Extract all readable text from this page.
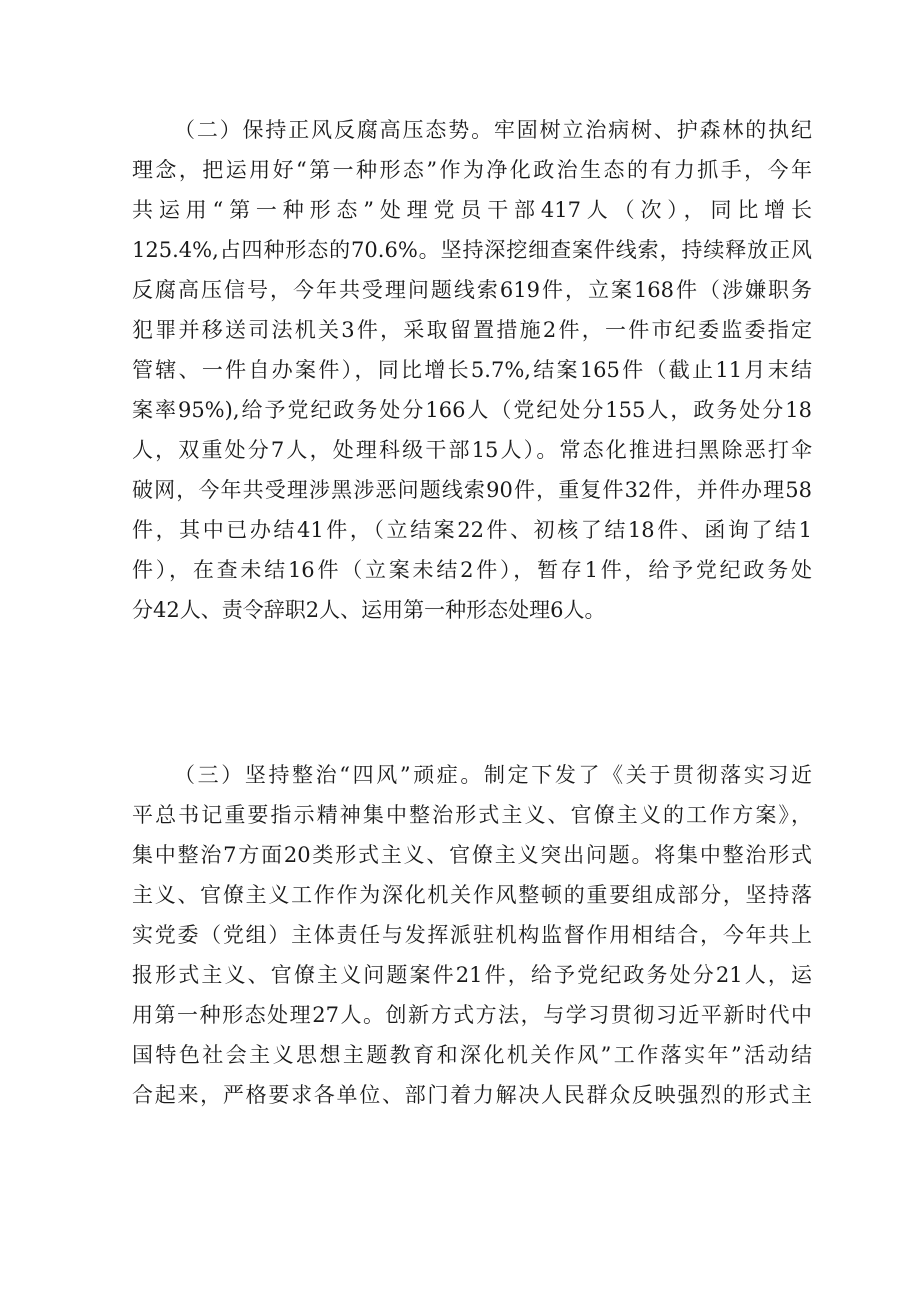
（二）保持正风反腐高压态势。牢固树立治病树、护森林的执纪
理念，把运用好“第一种形态”作为净化政治生态的有力抓手，今年
共运用“第一种形态”处理党员干部417人（次），同比增长
125.4%,占四种形态的70.6%。坚持深挖细查案件线索，持续释放正风
反腐高压信号，今年共受理问题线索619件，立案168件（涉嫌职务
犯罪并移送司法机关3件，采取留置措施2件，一件市纪委监委指定
管辖、一件自办案件），同比增长5.7%,结案165件（截止11月末结
案率95%),给予党纪政务处分166人（党纪处分155人，政务处分18
人，双重处分7人，处理科级干部15人）。常态化推进扫黑除恶打伞
破网，今年共受理涉黑涉恶问题线索90件，重复件32件，并件办理58
件，其中已办结41件，（立结案22件、初核了结18件、函询了结1
件），在查未结16件（立案未结2件），暂存1件，给予党纪政务处
分42人、责令辞职2人、运用第一种形态处理6人。
（三）坚持整治“四风”顽症。制定下发了《关于贯彻落实习近
平总书记重要指示精神集中整治形式主义、官僚主义的工作方案》，
集中整治7方面20类形式主义、官僚主义突出问题。将集中整治形式
主义、官僚主义工作作为深化机关作风整顿的重要组成部分，坚持落
实党委（党组）主体责任与发挥派驻机构监督作用相结合，今年共上
报形式主义、官僚主义问题案件21件，给予党纪政务处分21人，运
用第一种形态处理27人。创新方式方法，与学习贯彻习近平新时代中
国特色社会主义思想主题教育和深化机关作风”工作落实年”活动结
合起来，严格要求各单位、部门着力解决人民群众反映强烈的形式主
